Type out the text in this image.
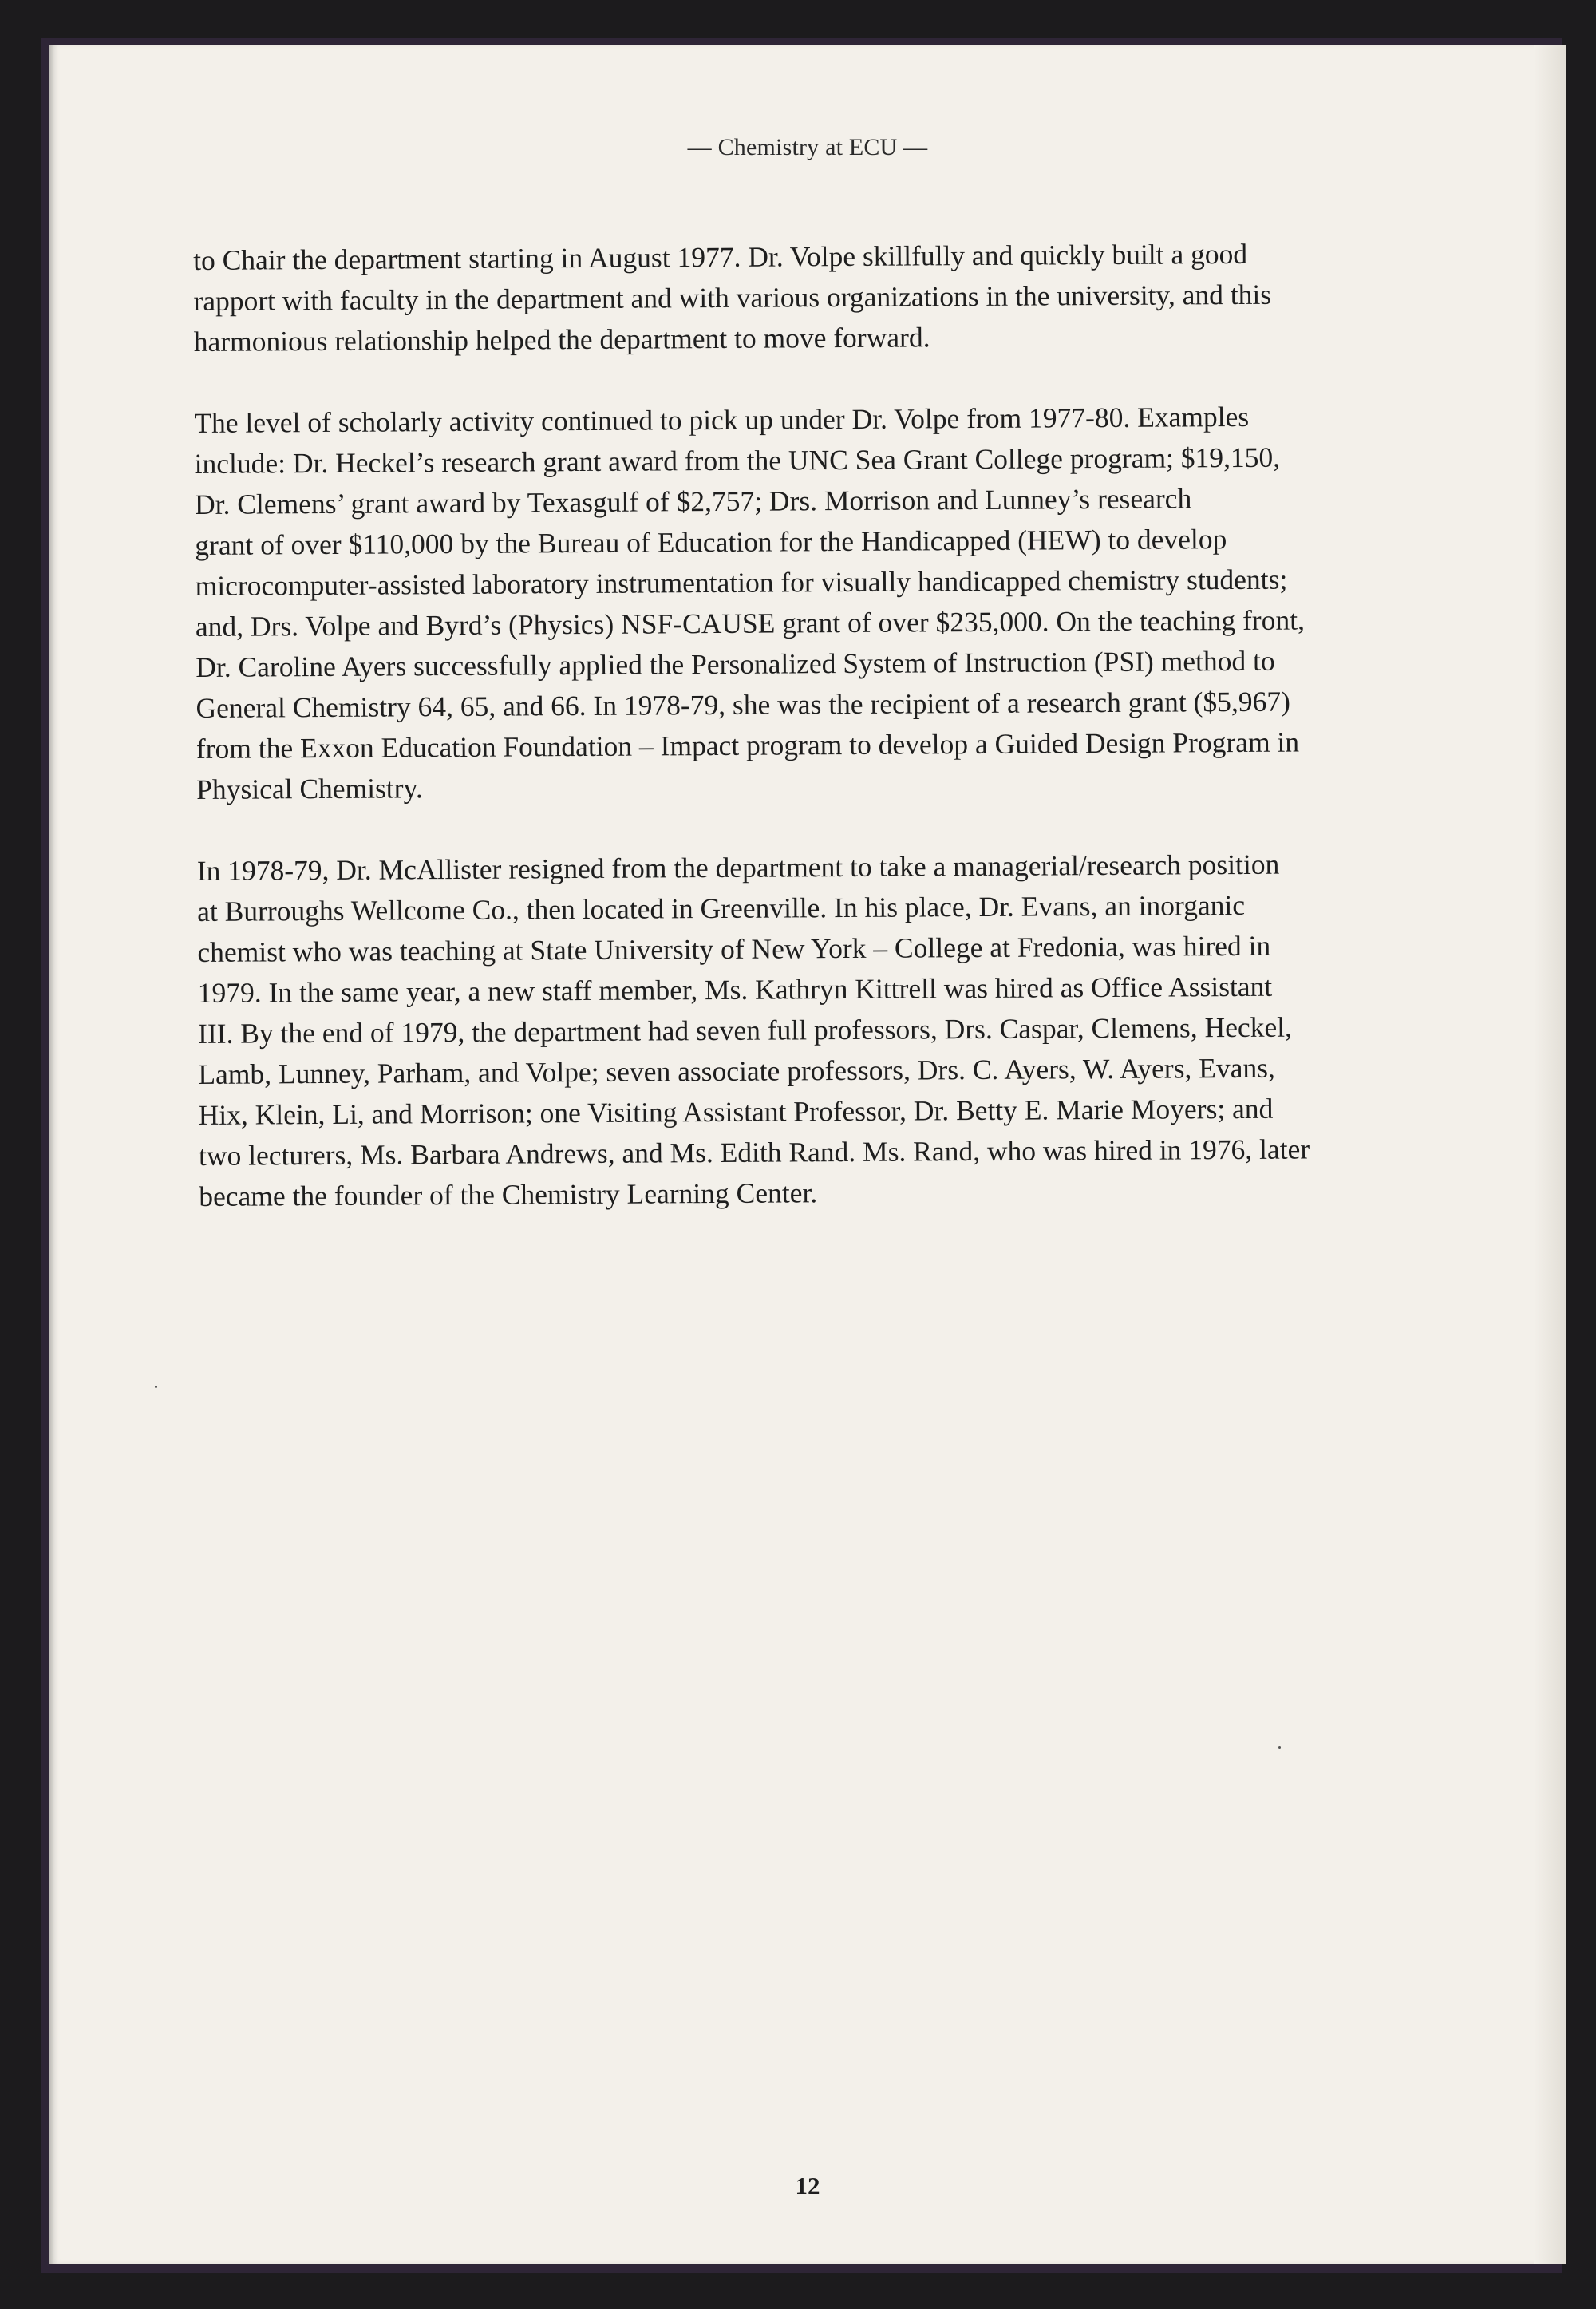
— Chemistry at ECU —

to Chair the department starting in August 1977. Dr. Volpe skillfully and quickly built a good
rapport with faculty in the department and with various organizations in the university, and this
harmonious relationship helped the department to move forward.

The level of scholarly activity continued to pick up under Dr. Volpe from 1977-80. Examples
include: Dr. Heckel’s research grant award from the UNC Sea Grant College program; $19,150,
Dr. Clemens’ grant award by Texasgulf of $2,757; Drs. Morrison and Lunney’s research
grant of over $110,000 by the Bureau of Education for the Handicapped (HEW) to develop
microcomputer-assisted laboratory instrumentation for visually handicapped chemistry students;
and, Drs. Volpe and Byrd’s (Physics) NSF-CAUSE grant of over $235,000. On the teaching front,
Dr. Caroline Ayers successfully applied the Personalized System of Instruction (PSI) method to
General Chemistry 64, 65, and 66. In 1978-79, she was the recipient of a research grant ($5,967)
from the Exxon Education Foundation – Impact program to develop a Guided Design Program in
Physical Chemistry.

In 1978-79, Dr. McAllister resigned from the department to take a managerial/research position
at Burroughs Wellcome Co., then located in Greenville. In his place, Dr. Evans, an inorganic
chemist who was teaching at State University of New York – College at Fredonia, was hired in
1979. In the same year, a new staff member, Ms. Kathryn Kittrell was hired as Office Assistant
III. By the end of 1979, the department had seven full professors, Drs. Caspar, Clemens, Heckel,
Lamb, Lunney, Parham, and Volpe; seven associate professors, Drs. C. Ayers, W. Ayers, Evans,
Hix, Klein, Li, and Morrison; one Visiting Assistant Professor, Dr. Betty E. Marie Moyers; and
two lecturers, Ms. Barbara Andrews, and Ms. Edith Rand. Ms. Rand, who was hired in 1976, later
became the founder of the Chemistry Learning Center.

12
